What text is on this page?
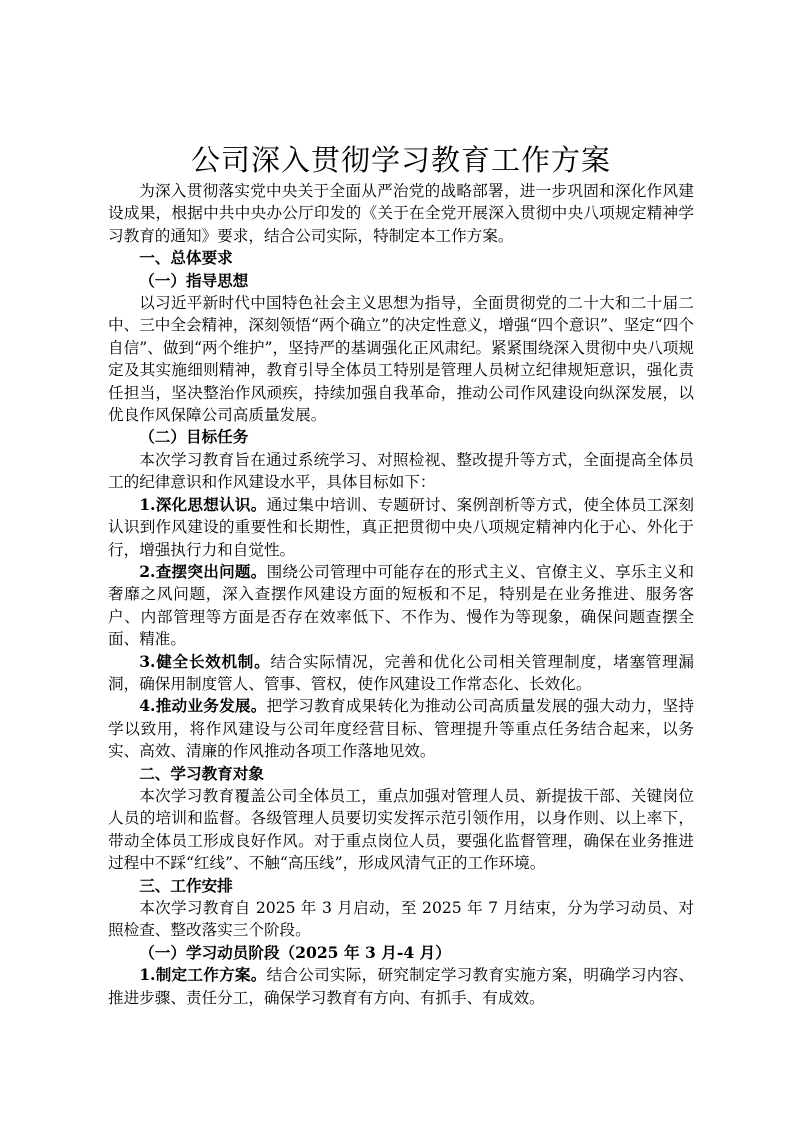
公司深入贯彻学习教育工作方案

为深入贯彻落实党中央关于全面从严治党的战略部署，进一步巩固和深化作风建设成果，根据中共中央办公厅印发的《关于在全党开展深入贯彻中央八项规定精神学习教育的通知》要求，结合公司实际，特制定本工作方案。

一、总体要求

（一）指导思想

以习近平新时代中国特色社会主义思想为指导，全面贯彻党的二十大和二十届二中、三中全会精神，深刻领悟“两个确立”的决定性意义，增强“四个意识”、坚定“四个自信”、做到“两个维护”，坚持严的基调强化正风肃纪。紧紧围绕深入贯彻中央八项规定及其实施细则精神，教育引导全体员工特别是管理人员树立纪律规矩意识，强化责任担当，坚决整治作风顽疾，持续加强自我革命，推动公司作风建设向纵深发展，以优良作风保障公司高质量发展。

（二）目标任务

本次学习教育旨在通过系统学习、对照检视、整改提升等方式，全面提高全体员工的纪律意识和作风建设水平，具体目标如下：

1.深化思想认识。通过集中培训、专题研讨、案例剖析等方式，使全体员工深刻认识到作风建设的重要性和长期性，真正把贯彻中央八项规定精神内化于心、外化于行，增强执行力和自觉性。

2.查摆突出问题。围绕公司管理中可能存在的形式主义、官僚主义、享乐主义和奢靡之风问题，深入查摆作风建设方面的短板和不足，特别是在业务推进、服务客户、内部管理等方面是否存在效率低下、不作为、慢作为等现象，确保问题查摆全面、精准。

3.健全长效机制。结合实际情况，完善和优化公司相关管理制度，堵塞管理漏洞，确保用制度管人、管事、管权，使作风建设工作常态化、长效化。

4.推动业务发展。把学习教育成果转化为推动公司高质量发展的强大动力，坚持学以致用，将作风建设与公司年度经营目标、管理提升等重点任务结合起来，以务实、高效、清廉的作风推动各项工作落地见效。

二、学习教育对象

本次学习教育覆盖公司全体员工，重点加强对管理人员、新提拔干部、关键岗位人员的培训和监督。各级管理人员要切实发挥示范引领作用，以身作则、以上率下，带动全体员工形成良好作风。对于重点岗位人员，要强化监督管理，确保在业务推进过程中不踩“红线”、不触“高压线”，形成风清气正的工作环境。

三、工作安排

本次学习教育自 2025 年 3 月启动，至 2025 年 7 月结束，分为学习动员、对照检查、整改落实三个阶段。

（一）学习动员阶段（2025 年 3 月-4 月）

1.制定工作方案。结合公司实际，研究制定学习教育实施方案，明确学习内容、推进步骤、责任分工，确保学习教育有方向、有抓手、有成效。
